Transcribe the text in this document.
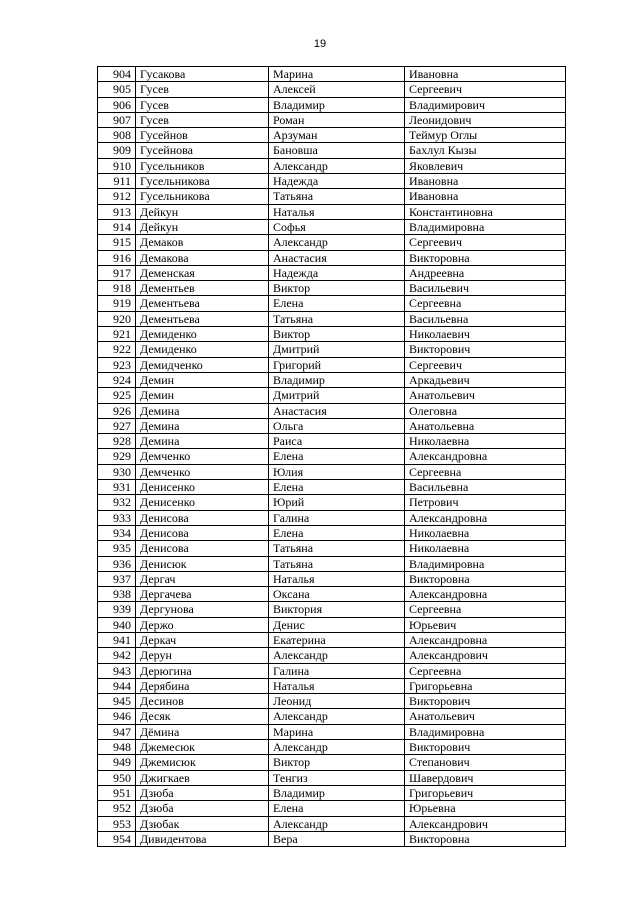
19
904	Гусакова	Марина	Ивановна
905	Гусев	Алексей	Сергеевич
906	Гусев	Владимир	Владимирович
907	Гусев	Роман	Леонидович
908	Гусейнов	Арзуман	Теймур Оглы
909	Гусейнова	Бановша	Бахлул Кызы
910	Гусельников	Александр	Яковлевич
911	Гусельникова	Надежда	Ивановна
912	Гусельникова	Татьяна	Ивановна
913	Дейкун	Наталья	Константиновна
914	Дейкун	Софья	Владимировна
915	Демаков	Александр	Сергеевич
916	Демакова	Анастасия	Викторовна
917	Деменская	Надежда	Андреевна
918	Дементьев	Виктор	Васильевич
919	Дементьева	Елена	Сергеевна
920	Дементьева	Татьяна	Васильевна
921	Демиденко	Виктор	Николаевич
922	Демиденко	Дмитрий	Викторович
923	Демидченко	Григорий	Сергеевич
924	Демин	Владимир	Аркадьевич
925	Демин	Дмитрий	Анатольевич
926	Демина	Анастасия	Олеговна
927	Демина	Ольга	Анатольевна
928	Демина	Раиса	Николаевна
929	Демченко	Елена	Александровна
930	Демченко	Юлия	Сергеевна
931	Денисенко	Елена	Васильевна
932	Денисенко	Юрий	Петрович
933	Денисова	Галина	Александровна
934	Денисова	Елена	Николаевна
935	Денисова	Татьяна	Николаевна
936	Денисюк	Татьяна	Владимировна
937	Дергач	Наталья	Викторовна
938	Дергачева	Оксана	Александровна
939	Дергунова	Виктория	Сергеевна
940	Держо	Денис	Юрьевич
941	Деркач	Екатерина	Александровна
942	Дерун	Александр	Александрович
943	Дерюгина	Галина	Сергеевна
944	Дерябина	Наталья	Григорьевна
945	Десинов	Леонид	Викторович
946	Десяк	Александр	Анатольевич
947	Дёмина	Марина	Владимировна
948	Джемесюк	Александр	Викторович
949	Джемисюк	Виктор	Степанович
950	Джигкаев	Тенгиз	Шавердович
951	Дзюба	Владимир	Григорьевич
952	Дзюба	Елена	Юрьевна
953	Дзюбак	Александр	Александрович
954	Дивидентова	Вера	Викторовна
